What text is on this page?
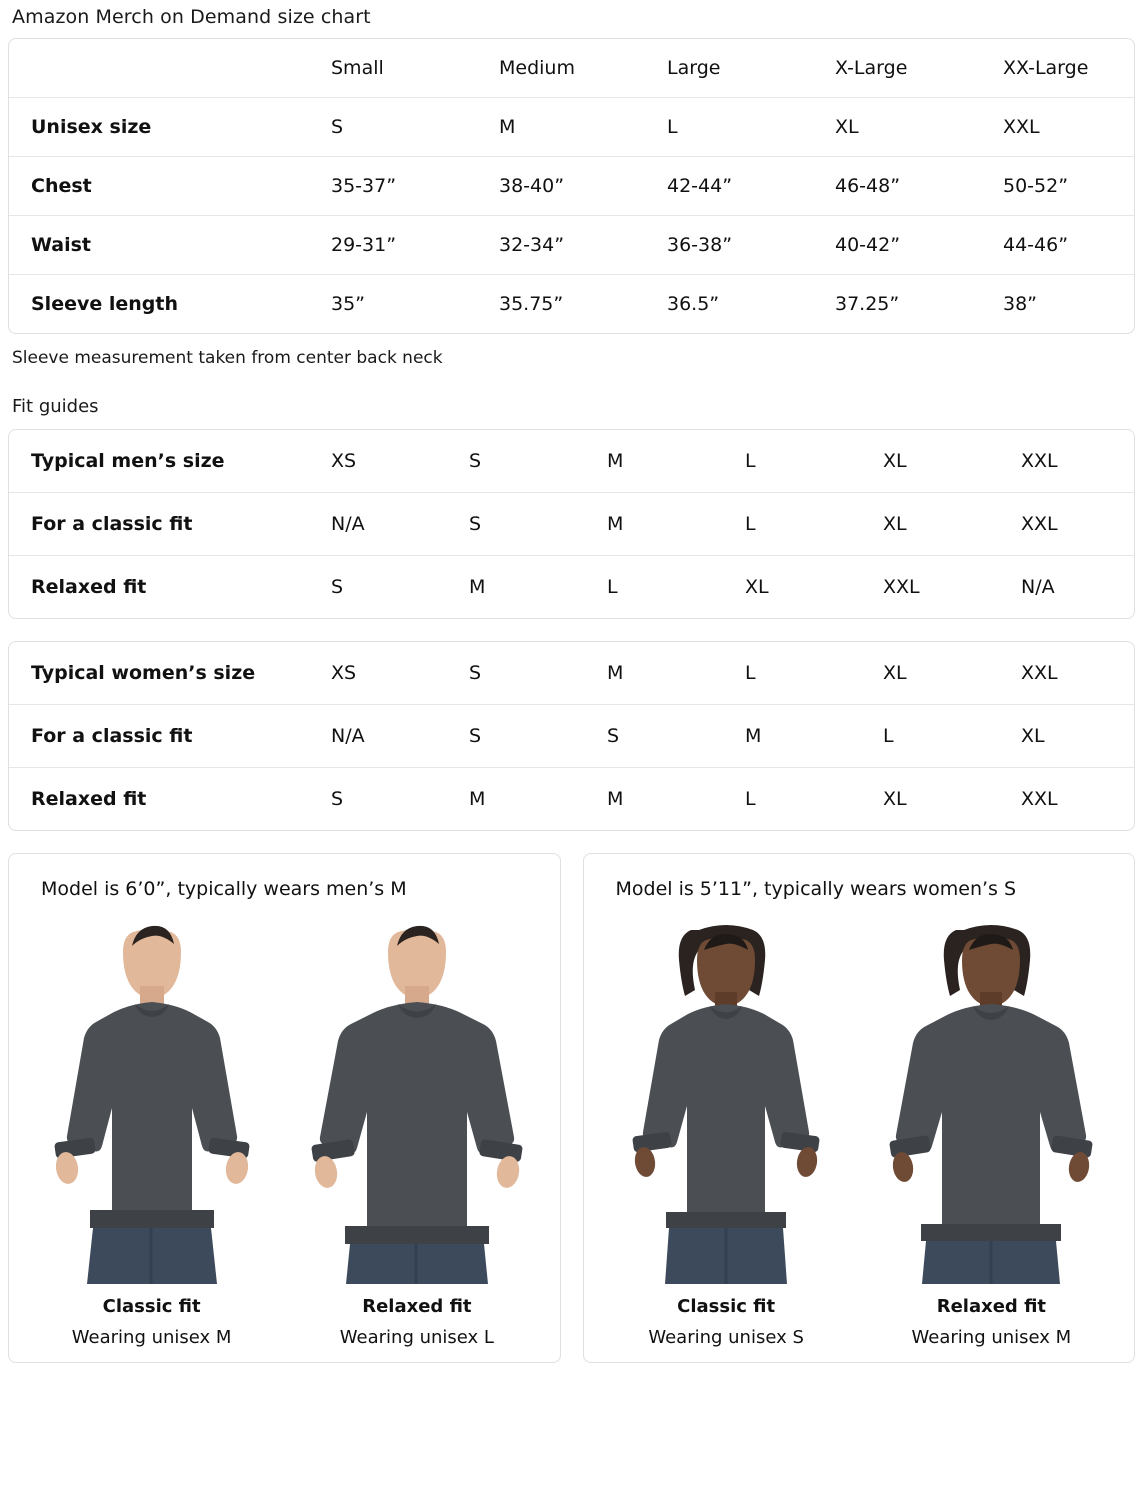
Amazon Merch on Demand size chart
	Small	Medium	Large	X-Large	XX-Large
Unisex size	S	M	L	XL	XXL
Chest	35-37”	38-40”	42-44”	46-48”	50-52”
Waist	29-31”	32-34”	36-38”	40-42”	44-46”
Sleeve length	35”	35.75”	36.5”	37.25”	38”
Sleeve measurement taken from center back neck
Fit guides
Typical men’s size	XS	S	M	L	XL	XXL
For a classic fit	N/A	S	M	L	XL	XXL
Relaxed fit	S	M	L	XL	XXL	N/A
Typical women’s size	XS	S	M	L	XL	XXL
For a classic fit	N/A	S	S	M	L	XL
Relaxed fit	S	M	M	L	XL	XXL
Model is 6’0”, typically wears men’s M
Classic fit
Wearing unisex M
Relaxed fit
Wearing unisex L
Model is 5’11”, typically wears women’s S
Classic fit
Wearing unisex S
Relaxed fit
Wearing unisex M
